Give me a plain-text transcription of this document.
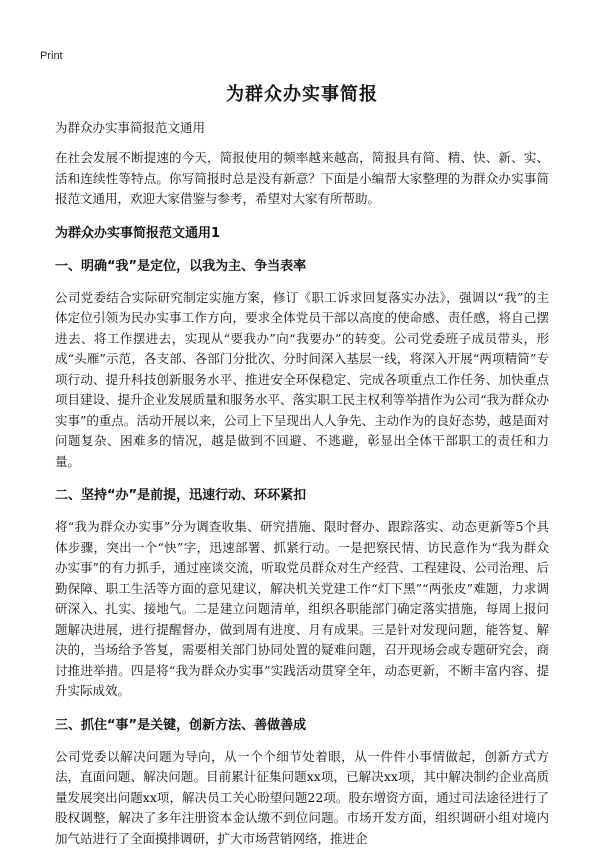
Print
为群众办实事简报
为群众办实事简报范文通用

在社会发展不断提速的今天，简报使用的频率越来越高，简报具有简、精、快、新、实、活和连续性等特点。你写简报时总是没有新意？下面是小编帮大家整理的为群众办实事简报范文通用，欢迎大家借鉴与参考，希望对大家有所帮助。

为群众办实事简报范文通用1
一、明确“我”是定位，以我为主、争当表率

公司党委结合实际研究制定实施方案，修订《职工诉求回复落实办法》，强调以“我”的主体定位引领为民办实事工作方向，要求全体党员干部以高度的使命感、责任感，将自己摆进去、将工作摆进去，实现从“要我办”向“我要办”的转变。公司党委班子成员带头，形成“头雁”示范，各支部、各部门分批次、分时间深入基层一线，将深入开展“两项精简”专项行动、提升科技创新服务水平、推进安全环保稳定、完成各项重点工作任务、加快重点项目建设、提升企业发展质量和服务水平、落实职工民主权利等举措作为公司“我为群众办实事”的重点。活动开展以来，公司上下呈现出人人争先、主动作为的良好态势，越是面对问题复杂、困难多的情况，越是做到不回避、不逃避，彰显出全体干部职工的责任和力量。

二、坚持“办”是前提，迅速行动、环环紧扣

将“我为群众办实事”分为调查收集、研究措施、限时督办、跟踪落实、动态更新等5个具体步骤，突出一个“快”字，迅速部署、抓紧行动。一是把察民情、访民意作为“我为群众办实事”的有力抓手，通过座谈交流，听取党员群众对生产经营、工程建设、公司治理、后勤保障、职工生活等方面的意见建议，解决机关党建工作“灯下黑”“两张皮”难题，力求调研深入、扎实、接地气。二是建立问题清单，组织各职能部门确定落实措施，每周上报问题解决进展，进行提醒督办，做到周有进度、月有成果。三是针对发现问题，能答复、解决的，当场给予答复，需要相关部门协同处置的疑难问题，召开现场会或专题研究会，商讨推进举措。四是将“我为群众办实事”实践活动贯穿全年，动态更新，不断丰富内容、提升实际成效。

三、抓住“事”是关键，创新方法、善做善成

公司党委以解决问题为导向，从一个个细节处着眼，从一件件小事情做起，创新方式方法，直面问题、解决问题。目前累计征集问题xx项，已解决xx项，其中解决制约企业高质量发展突出问题xx项，解决员工关心盼望问题22项。股东增资方面，通过司法途径进行了股权调整，解决了多年注册资本金认缴不到位问题。市场开发方面，组织调研小组对境内加气站进行了全面摸排调研，扩大市场营销网络，推进企
